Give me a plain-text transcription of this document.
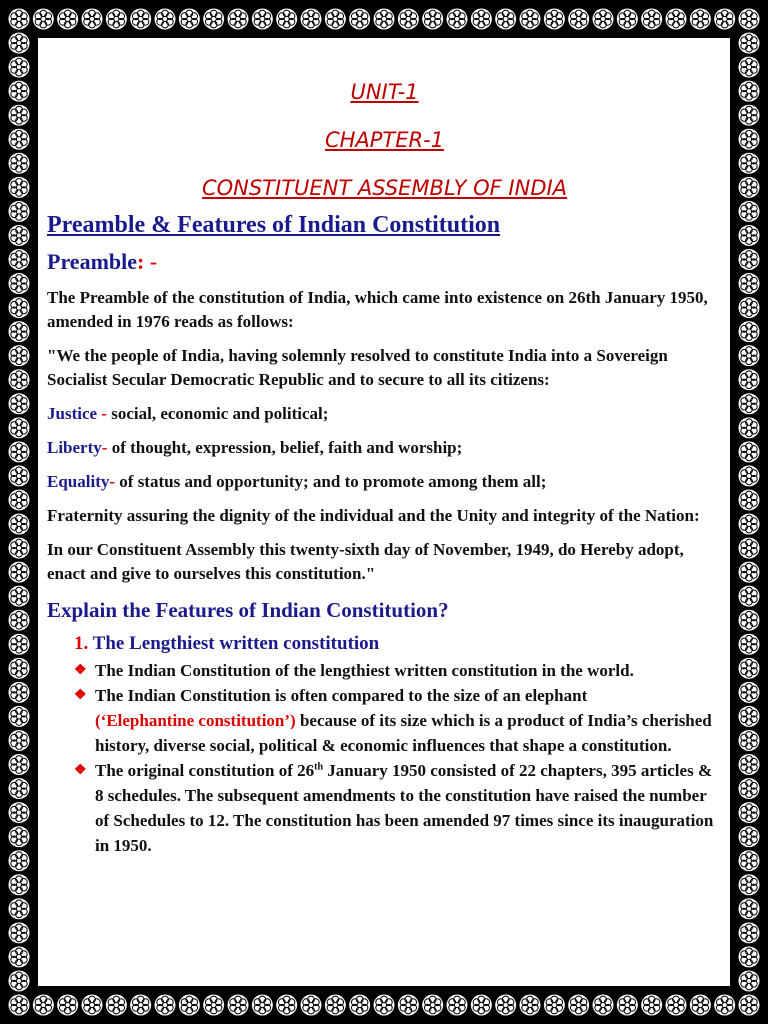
UNIT-1
CHAPTER-1
CONSTITUENT ASSEMBLY OF INDIA
Preamble & Features of Indian Constitution
Preamble: -

The Preamble of the constitution of India, which came into existence on 26th January 1950, amended in 1976 reads as follows:

"We the people of India, having solemnly resolved to constitute India into a Sovereign Socialist Secular Democratic Republic and to secure to all its citizens:

Justice - social, economic and political;

Liberty- of thought, expression, belief, faith and worship;

Equality- of status and opportunity; and to promote among them all;

Fraternity assuring the dignity of the individual and the Unity and integrity of the Nation:

In our Constituent Assembly this twenty-sixth day of November, 1949, do Hereby adopt, enact and give to ourselves this constitution."

Explain the Features of Indian Constitution?
1. The Lengthiest written constitution
❖ The Indian Constitution of the lengthiest written constitution in the world.
❖ The Indian Constitution is often compared to the size of an elephant
(‘Elephantine constitution’) because of its size which is a product of India’s cherished history, diverse social, political & economic influences that shape a constitution.
❖ The original constitution of 26th January 1950 consisted of 22 chapters, 395 articles & 8 schedules. The subsequent amendments to the constitution have raised the number of Schedules to 12. The constitution has been amended 97 times since its inauguration in 1950.
